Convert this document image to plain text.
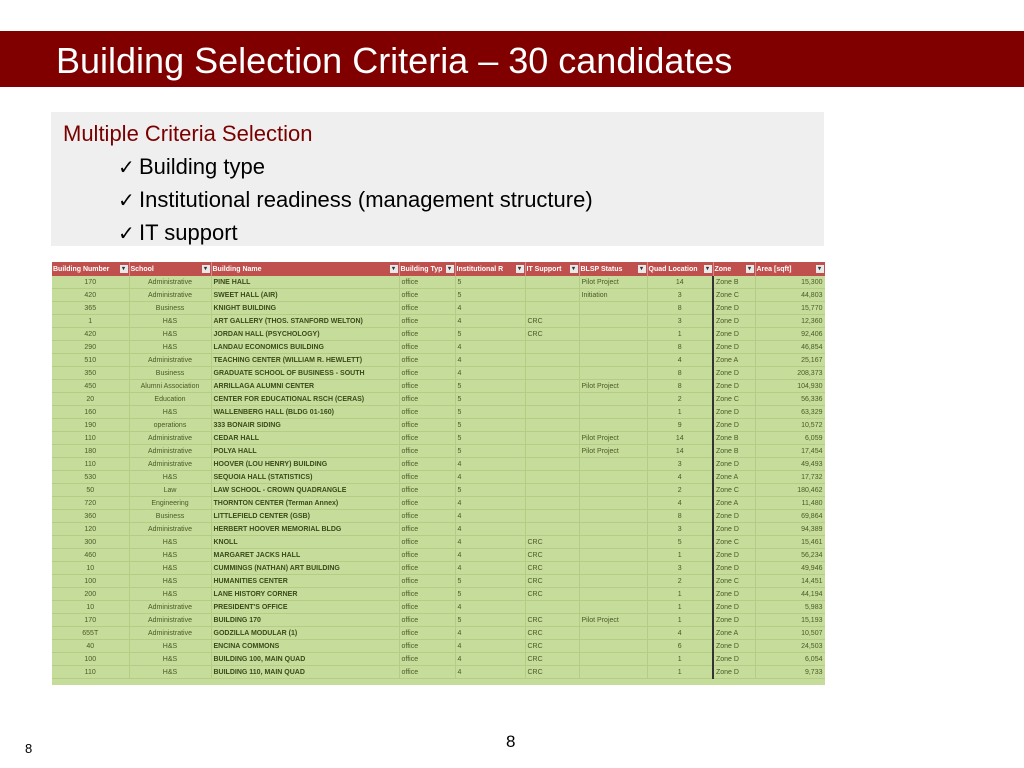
Building Selection Criteria – 30 candidates
Multiple Criteria Selection
✓ Building type
✓ Institutional readiness (management structure)
✓ IT support
Building Number ▾	School ▾	Building Name ▾	Building Typ ▾	Institutional R ▾	IT Support ▾	BLSP Status ▾	Quad Location ▾	Zone ▾	Area [sqft] ▾

170	Administrative	PINE HALL	office	5		Pilot Project	14	Zone B	15,300
420	Administrative	SWEET HALL (AIR)	office	5		Initiation	3	Zone C	44,803
365	Business	KNIGHT BUILDING	office	4			8	Zone D	15,770
1	H&S	ART GALLERY (THOS. STANFORD WELTON)	office	4	CRC		3	Zone D	12,360
420	H&S	JORDAN HALL (PSYCHOLOGY)	office	5	CRC		1	Zone D	92,406
290	H&S	LANDAU ECONOMICS BUILDING	office	4			8	Zone D	46,854
510	Administrative	TEACHING CENTER (WILLIAM R. HEWLETT)	office	4			4	Zone A	25,167
350	Business	GRADUATE SCHOOL OF BUSINESS - SOUTH	office	4			8	Zone D	208,373
450	Alumni Association	ARRILLAGA ALUMNI CENTER	office	5		Pilot Project	8	Zone D	104,930
20	Education	CENTER FOR EDUCATIONAL RSCH (CERAS)	office	5			2	Zone C	56,336
160	H&S	WALLENBERG HALL (BLDG 01-160)	office	5			1	Zone D	63,329
190	operations	333 BONAIR SIDING	office	5			9	Zone D	10,572
110	Administrative	CEDAR HALL	office	5		Pilot Project	14	Zone B	6,059
180	Administrative	POLYA HALL	office	5		Pilot Project	14	Zone B	17,454
110	Administrative	HOOVER (LOU HENRY) BUILDING	office	4			3	Zone D	49,493
530	H&S	SEQUOIA HALL (STATISTICS)	office	4			4	Zone A	17,732
50	Law	LAW SCHOOL - CROWN QUADRANGLE	office	5			2	Zone C	180,462
720	Engineering	THORNTON CENTER (Terman Annex)	office	4			4	Zone A	11,480
360	Business	LITTLEFIELD CENTER (GSB)	office	4			8	Zone D	69,864
120	Administrative	HERBERT HOOVER MEMORIAL BLDG	office	4			3	Zone D	94,389
300	H&S	KNOLL	office	4	CRC		5	Zone C	15,461
460	H&S	MARGARET JACKS HALL	office	4	CRC		1	Zone D	56,234
10	H&S	CUMMINGS (NATHAN) ART BUILDING	office	4	CRC		3	Zone D	49,946
100	H&S	HUMANITIES CENTER	office	5	CRC		2	Zone C	14,451
200	H&S	LANE HISTORY CORNER	office	5	CRC		1	Zone D	44,194
10	Administrative	PRESIDENT'S OFFICE	office	4			1	Zone D	5,983
170	Administrative	BUILDING 170	office	5	CRC	Pilot Project	1	Zone D	15,193
655T	Administrative	GODZILLA MODULAR (1)	office	4	CRC		4	Zone A	10,507
40	H&S	ENCINA COMMONS	office	4	CRC		6	Zone D	24,503
100	H&S	BUILDING 100, MAIN QUAD	office	4	CRC		1	Zone D	6,054
110	H&S	BUILDING 110, MAIN QUAD	office	4	CRC		1	Zone D	9,733
8
8
